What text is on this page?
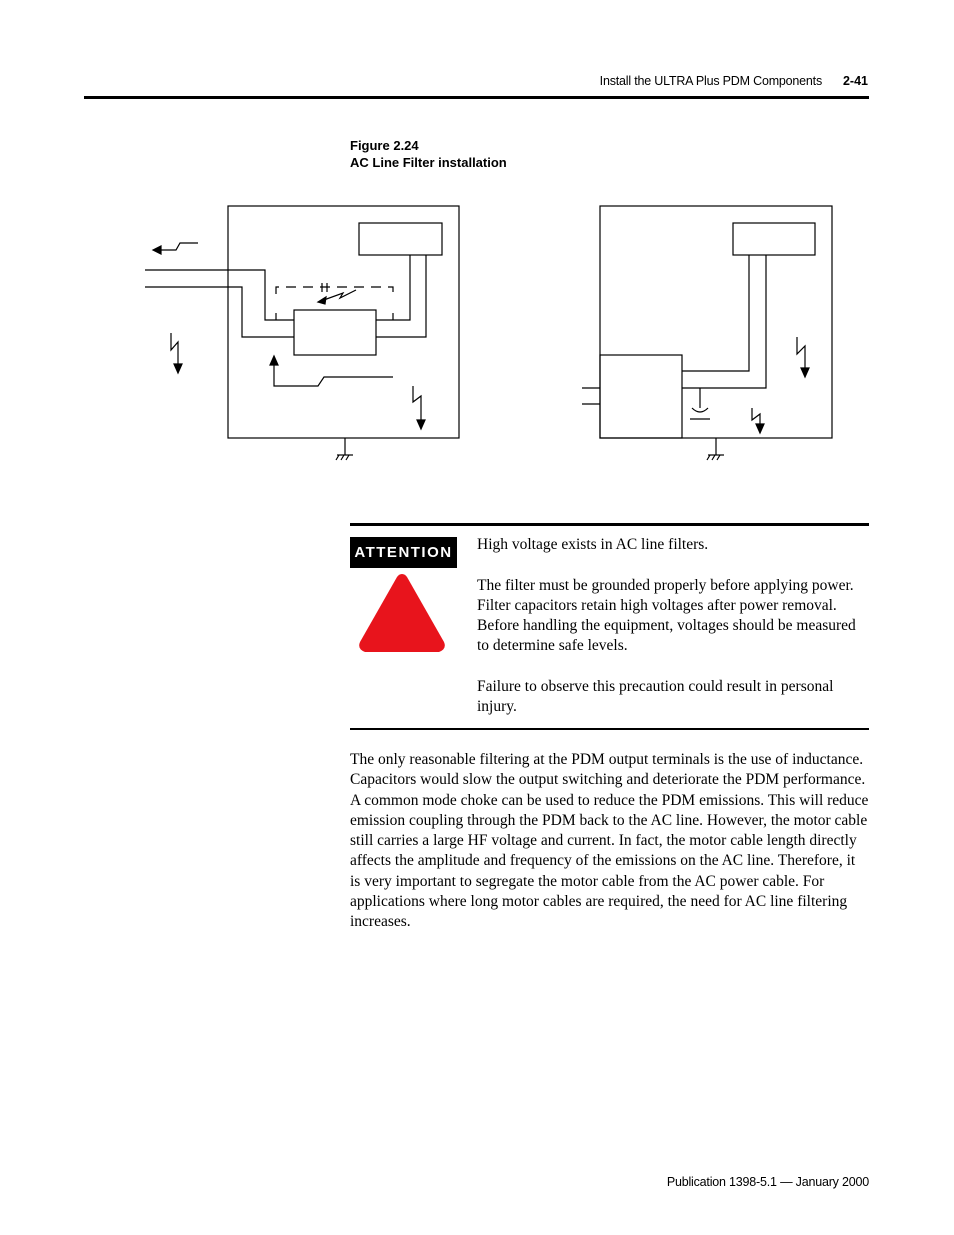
Install the ULTRA Plus PDM Components	2-41
Figure 2.24
AC Line Filter installation
ATTENTION High voltage exists in AC line filters.

The filter must be grounded properly before applying power. Filter capacitors retain high voltages after power removal. Before handling the equipment, voltages should be measured to determine safe levels.

Failure to observe this precaution could result in personal injury.

The only reasonable filtering at the PDM output terminals is the use of inductance. Capacitors would slow the output switching and deteriorate the PDM performance. A common mode choke can be used to reduce the PDM emissions. This will reduce emission coupling through the PDM back to the AC line. However, the motor cable still carries a large HF voltage and current. In fact, the motor cable length directly affects the amplitude and frequency of the emissions on the AC line. Therefore, it is very important to segregate the motor cable from the AC power cable. For applications where long motor cables are required, the need for AC line filtering increases.

Publication 1398-5.1 — January 2000
